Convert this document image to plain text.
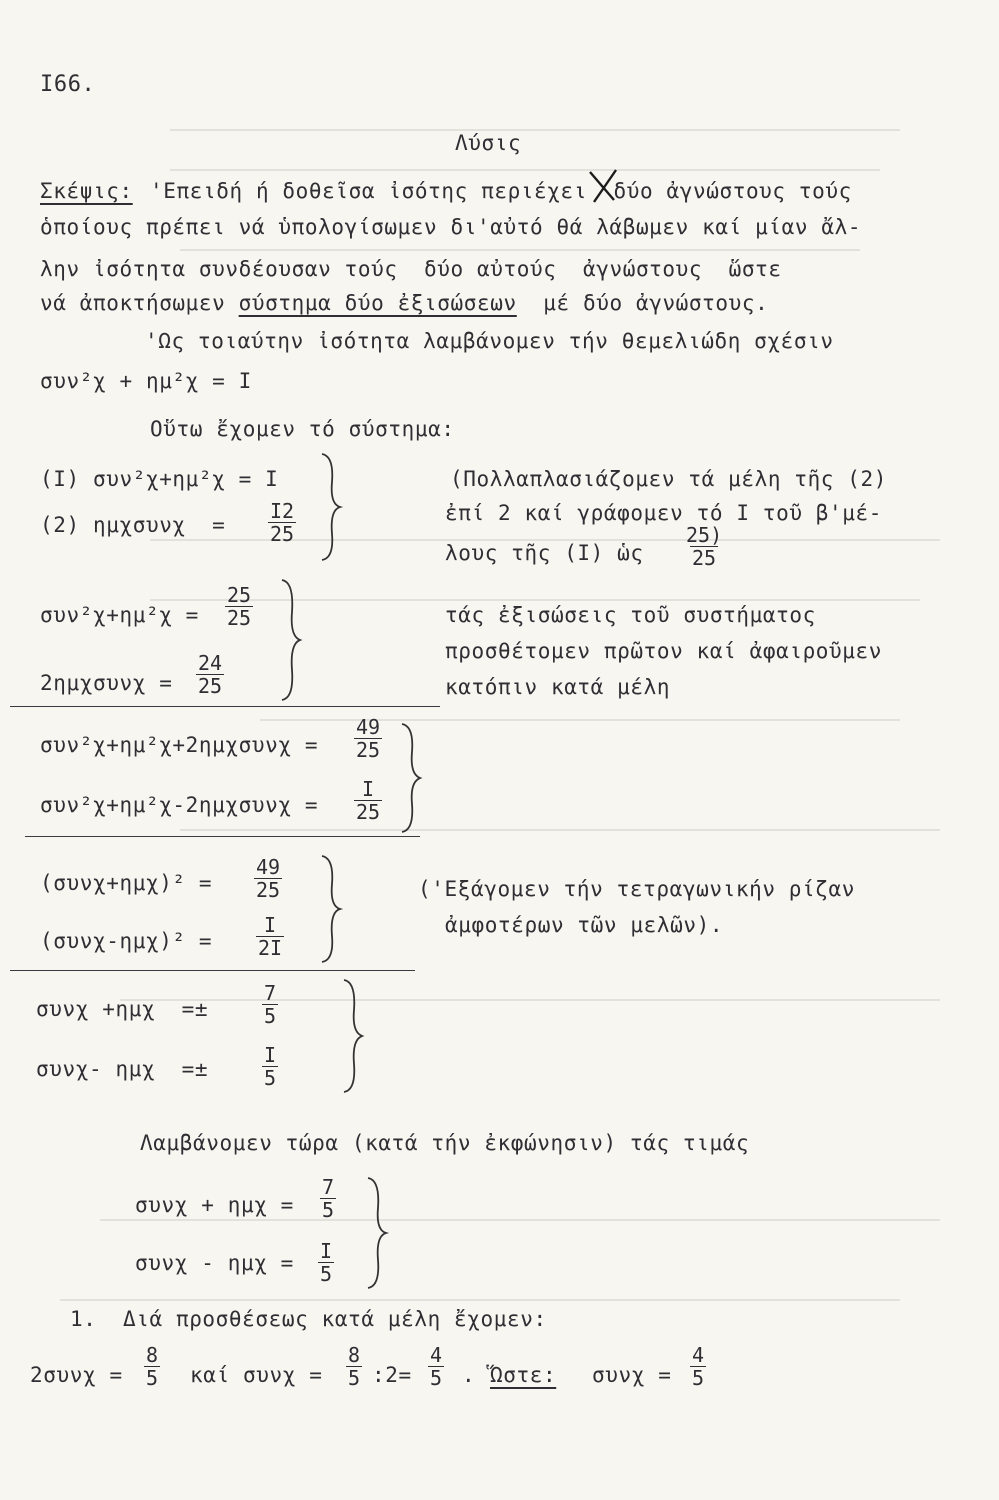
I66.
Λύσις
Σκέψις: 'Επειδή ή δοθεῖσα ἰσότης περιέχει  δύο ἀγνώστους τούς
ὁποίους πρέπει νά ὑπολογίσωμεν δι'αὐτό θά λάβωμεν καί μίαν ἄλ-
λην ἰσότητα συνδέουσαν τούς  δύο αὐτούς  ἀγνώστους  ὥστε
νά ἀποκτήσωμεν σύστημα δύο ἐξισώσεων  μέ δύο ἀγνώστους.
'Ως τοιαύτην ἰσότητα λαμβάνομεν τήν θεμελιώδη σχέσιν
συν²χ + ημ²χ = I
Οὕτω ἔχομεν τό σύστημα:
(I) συν²χ+ημ²χ = I
(2) $\eta\mu\chi\sigma\upsilon\nu\chi = \frac{I2}{25}$
(Πολλαπλασιάζομεν τά μέλη τῆς (2)
ἐπί 2 καί γράφομεν τό I τοῦ β'μέ-
λους τῆς (I) ὡς $\frac{25)}{25}$
$\sigma\upsilon\nu^2\chi+\eta\mu^2\chi = \frac{25}{25}$
$2\eta\mu\chi\sigma\upsilon\nu\chi = \frac{24}{25}$
τάς ἐξισώσεις τοῦ συστήματος
προσθέτομεν πρῶτον καί ἀφαιροῦμεν
κατόπιν κατά μέλη
$\sigma\upsilon\nu^2\chi+\eta\mu^2\chi+2\eta\mu\chi\sigma\upsilon\nu\chi = \frac{49}{25}$
$\sigma\upsilon\nu^2\chi+\eta\mu^2\chi-2\eta\mu\chi\sigma\upsilon\nu\chi = \frac{I}{25}$
$(\sigma\upsilon\nu\chi+\eta\mu\chi)^2 = \frac{49}{25}$
$(\sigma\upsilon\nu\chi-\eta\mu\chi)^2 = \frac{I}{2I}$
('Εξάγομεν τήν τετραγωνικήν ρίζαν
ἀμφοτέρων τῶν μελῶν).
συνχ +ημχ  =±	$\frac{7}{5}$
συνχ- ημχ  =±	$\frac{I}{5}$
Λαμβάνομεν τώρα (κατά τήν ἐκφώνησιν) τάς τιμάς
$\sigma\upsilon\nu\chi + \eta\mu\chi = \frac{7}{5}$
$\sigma\upsilon\nu\chi - \eta\mu\chi = \frac{I}{5}$
1.  Διά προσθέσεως κατά μέλη ἔχομεν:
$2\sigma\upsilon\nu\chi = \frac{8}{5}$ καί $\sigma\upsilon\nu\chi = \frac{8}{5}$ :2= $\frac{4}{5}$ . Ὥστε: $\sigma\upsilon\nu\chi = \frac{4}{5}$
